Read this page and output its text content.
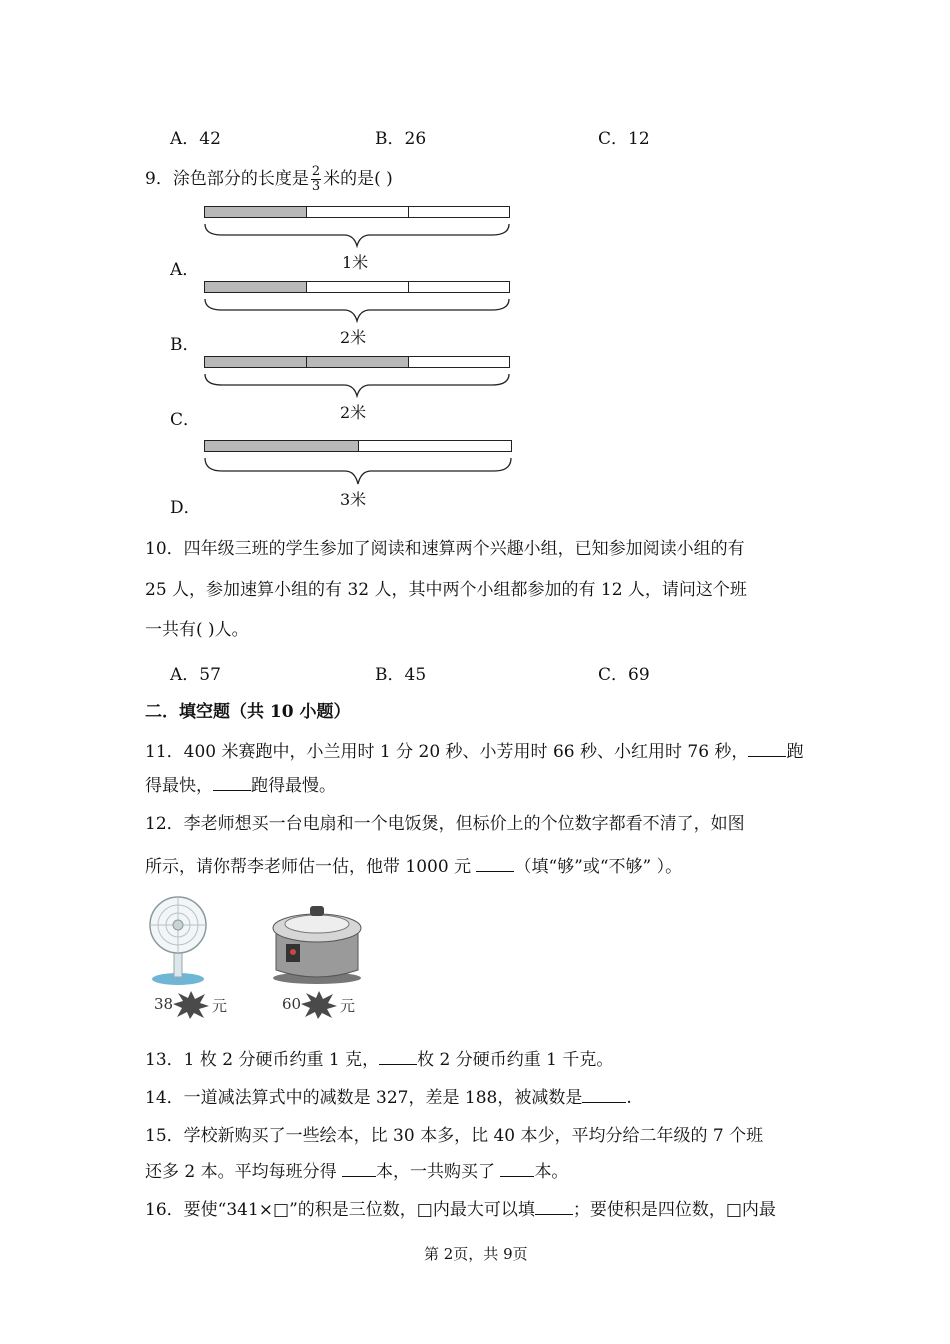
A．42	B．26	C．12
9．涂色部分的长度是 $\frac{2}{3}$ 米的是( )
1米
A．
2米
B．
2米
C．
3米
D．
10．四年级三班的学生参加了阅读和速算两个兴趣小组，已知参加阅读小组的有
25 人，参加速算小组的有 32 人，其中两个小组都参加的有 12 人，请问这个班
一共有( )人。
A．57	B．45	C．69
二．填空题（共 10 小题）
11．400 米赛跑中，小兰用时 1 分 20 秒、小芳用时 66 秒、小红用时 76 秒， 跑
得最快， 跑得最慢。
12．李老师想买一台电扇和一个电饭煲，但标价上的个位数字都看不清了，如图
所示，请你帮李老师估一估，他带 1000 元 （填“够”或“不够” ）。
38	元	60	元
13．1 枚 2 分硬币约重 1 克， 枚 2 分硬币约重 1 千克。
14．一道减法算式中的减数是 327，差是 188，被减数是	.
15．学校新购买了一些绘本，比 30 本多，比 40 本少，平均分给二年级的 7 个班
还多 2 本。平均每班分得 本，一共购买了 本。
16．要使“341×□”的积是三位数，□内最大可以填 ；要使积是四位数，□内最
第 2页，共 9页
